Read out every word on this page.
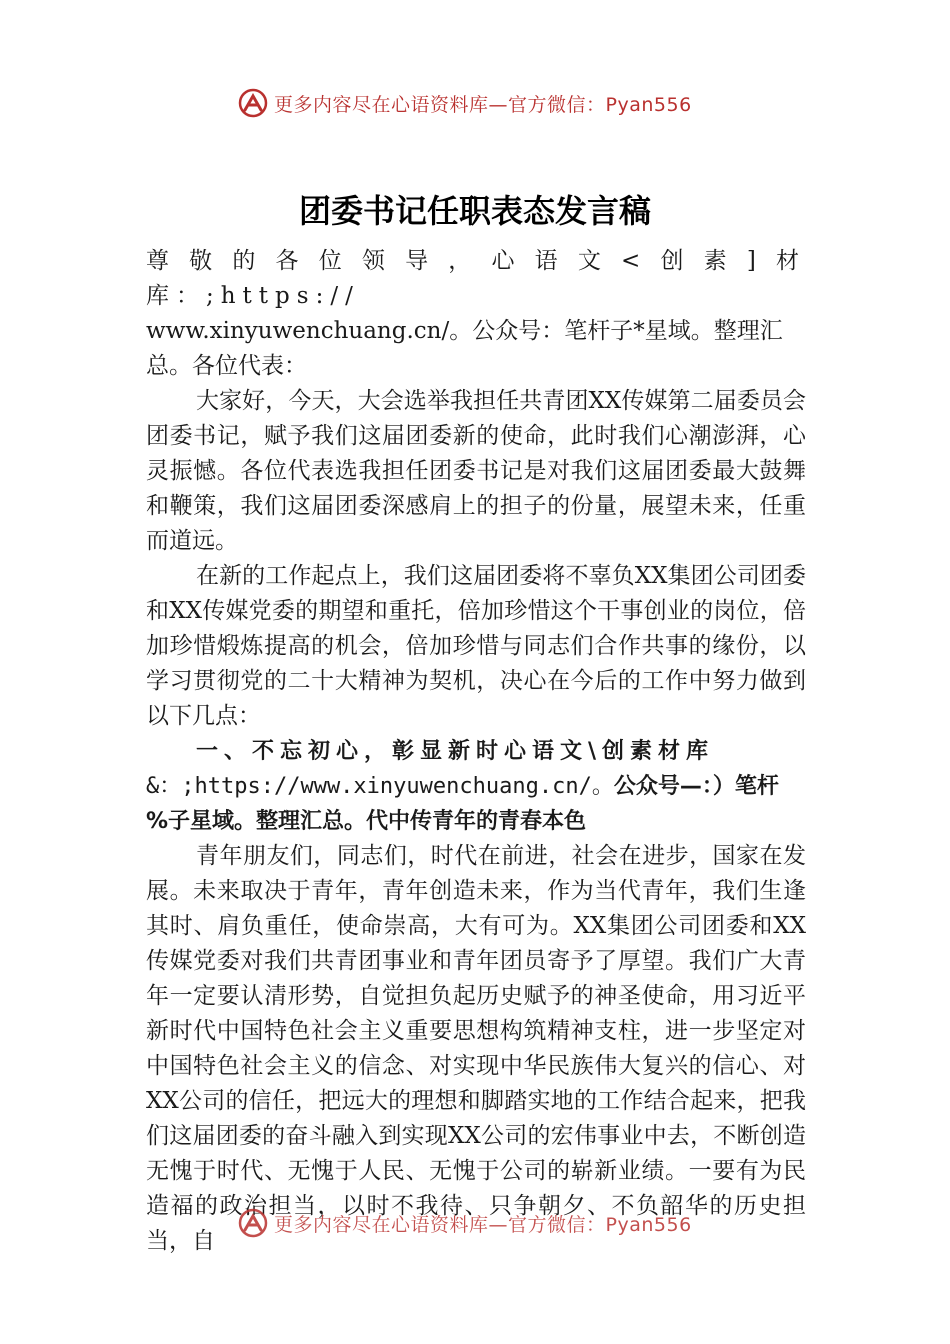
更多内容尽在心语资料库—官方微信：Pyan556
团委书记任职表态发言稿

尊敬的各位领导，心语文<创素]材库：;https://

www.xinyuwenchuang.cn/。公众号：笔杆子*星域。整理汇

总。各位代表：

大家好，今天，大会选举我担任共青团XX传媒第二届委员会团委书记，赋予我们这届团委新的使命，此时我们心潮澎湃，心灵振憾。各位代表选我担任团委书记是对我们这届团委最大鼓舞和鞭策，我们这届团委深感肩上的担子的份量，展望未来，任重而道远。

在新的工作起点上，我们这届团委将不辜负XX集团公司团委和XX传媒党委的期望和重托，倍加珍惜这个干事创业的岗位，倍加珍惜煅炼提高的机会，倍加珍惜与同志们合作共事的缘份，以学习贯彻党的二十大精神为契机，决心在今后的工作中努力做到以下几点：

一、不忘初心，彰显新时心语文\创素材库
&：;https://www.xinyuwenchuang.cn/。公众号—：）笔杆
%子星域。整理汇总。代中传青年的青春本色

青年朋友们，同志们，时代在前进，社会在进步，国家在发展。未来取决于青年，青年创造未来，作为当代青年，我们生逢其时、肩负重任，使命崇高，大有可为。XX集团公司团委和XX传媒党委对我们共青团事业和青年团员寄予了厚望。我们广大青年一定要认清形势，自觉担负起历史赋予的神圣使命，用习近平新时代中国特色社会主义重要思想构筑精神支柱，进一步坚定对中国特色社会主义的信念、对实现中华民族伟大复兴的信心、对XX公司的信任，把远大的理想和脚踏实地的工作结合起来，把我们这届团委的奋斗融入到实现XX公司的宏伟事业中去，不断创造无愧于时代、无愧于人民、无愧于公司的崭新业绩。一要有为民造福的政治担当，以时不我待、只争朝夕、不负韶华的历史担当，自

更多内容尽在心语资料库—官方微信：Pyan556
